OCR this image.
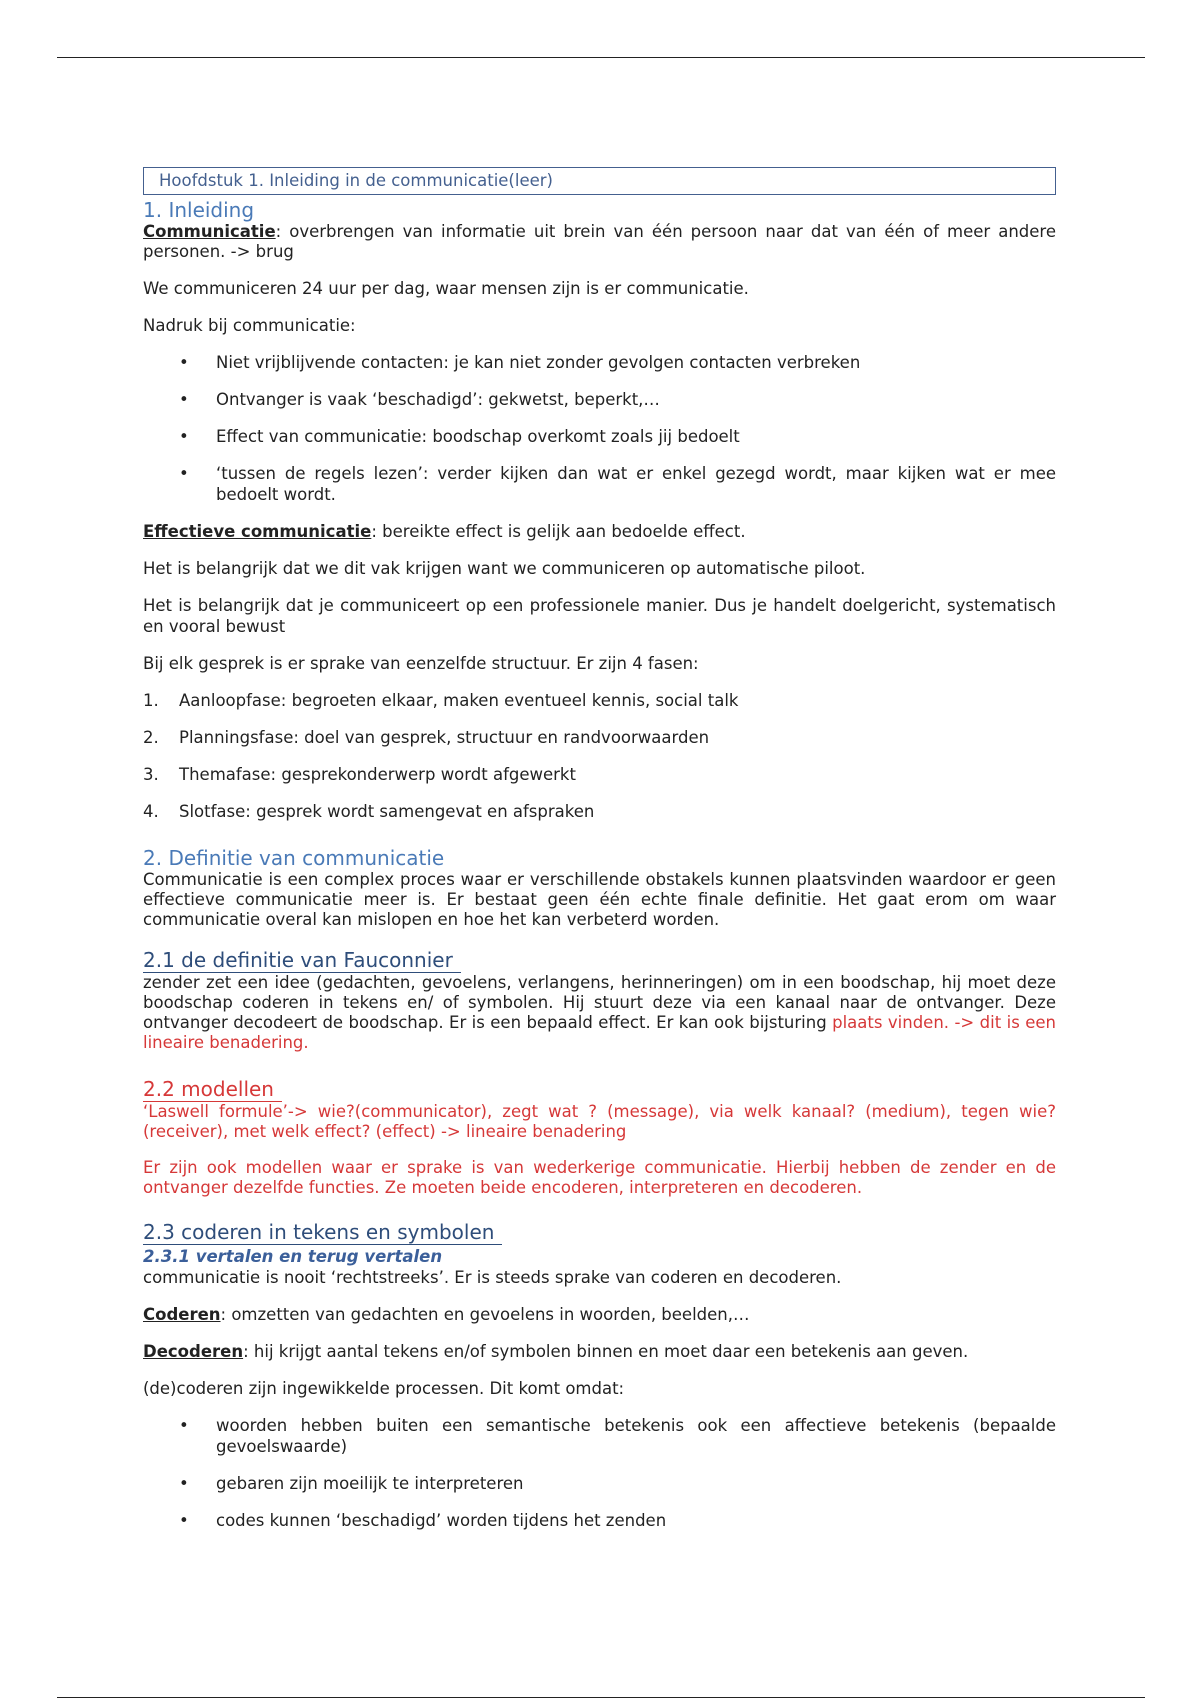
Hoofdstuk 1. Inleiding in de communicatie(leer)
1. Inleiding

Communicatie: overbrengen van informatie uit brein van één persoon naar dat van één of meer andere personen. -> brug

We communiceren 24 uur per dag, waar mensen zijn is er communicatie.

Nadruk bij communicatie:

• Niet vrijblijvende contacten: je kan niet zonder gevolgen contacten verbreken
• Ontvanger is vaak ‘beschadigd’: gekwetst, beperkt,…
• Effect van communicatie: boodschap overkomt zoals jij bedoelt
• ‘tussen de regels lezen’: verder kijken dan wat er enkel gezegd wordt, maar kijken wat er mee bedoelt wordt.

Effectieve communicatie: bereikte effect is gelijk aan bedoelde effect.

Het is belangrijk dat we dit vak krijgen want we communiceren op automatische piloot.

Het is belangrijk dat je communiceert op een professionele manier. Dus je handelt doelgericht, systematisch en vooral bewust

Bij elk gesprek is er sprake van eenzelfde structuur. Er zijn 4 fasen:

1. Aanloopfase: begroeten elkaar, maken eventueel kennis, social talk
2. Planningsfase: doel van gesprek, structuur en randvoorwaarden
3. Themafase: gesprekonderwerp wordt afgewerkt
4. Slotfase: gesprek wordt samengevat en afspraken
2. Definitie van communicatie

Communicatie is een complex proces waar er verschillende obstakels kunnen plaatsvinden waardoor er geen effectieve communicatie meer is. Er bestaat geen één echte finale definitie. Het gaat erom om waar communicatie overal kan mislopen en hoe het kan verbeterd worden.

2.1 de definitie van Fauconnier

zender zet een idee (gedachten, gevoelens, verlangens, herinneringen) om in een boodschap, hij moet deze boodschap coderen in tekens en/ of symbolen. Hij stuurt deze via een kanaal naar de ontvanger. Deze ontvanger decodeert de boodschap. Er is een bepaald effect. Er kan ook bijsturing plaats vinden. -> dit is een lineaire benadering.

2.2 modellen

‘Laswell formule’-> wie?(communicator), zegt wat ? (message), via welk kanaal? (medium), tegen wie?(receiver), met welk effect? (effect) -> lineaire benadering

Er zijn ook modellen waar er sprake is van wederkerige communicatie. Hierbij hebben de zender en de ontvanger dezelfde functies. Ze moeten beide encoderen, interpreteren en decoderen.

2.3 coderen in tekens en symbolen
2.3.1 vertalen en terug vertalen

communicatie is nooit ‘rechtstreeks’. Er is steeds sprake van coderen en decoderen.

Coderen: omzetten van gedachten en gevoelens in woorden, beelden,…

Decoderen: hij krijgt aantal tekens en/of symbolen binnen en moet daar een betekenis aan geven.

(de)coderen zijn ingewikkelde processen. Dit komt omdat:

• woorden hebben buiten een semantische betekenis ook een affectieve betekenis (bepaalde gevoelswaarde)
• gebaren zijn moeilijk te interpreteren
• codes kunnen ‘beschadigd’ worden tijdens het zenden
